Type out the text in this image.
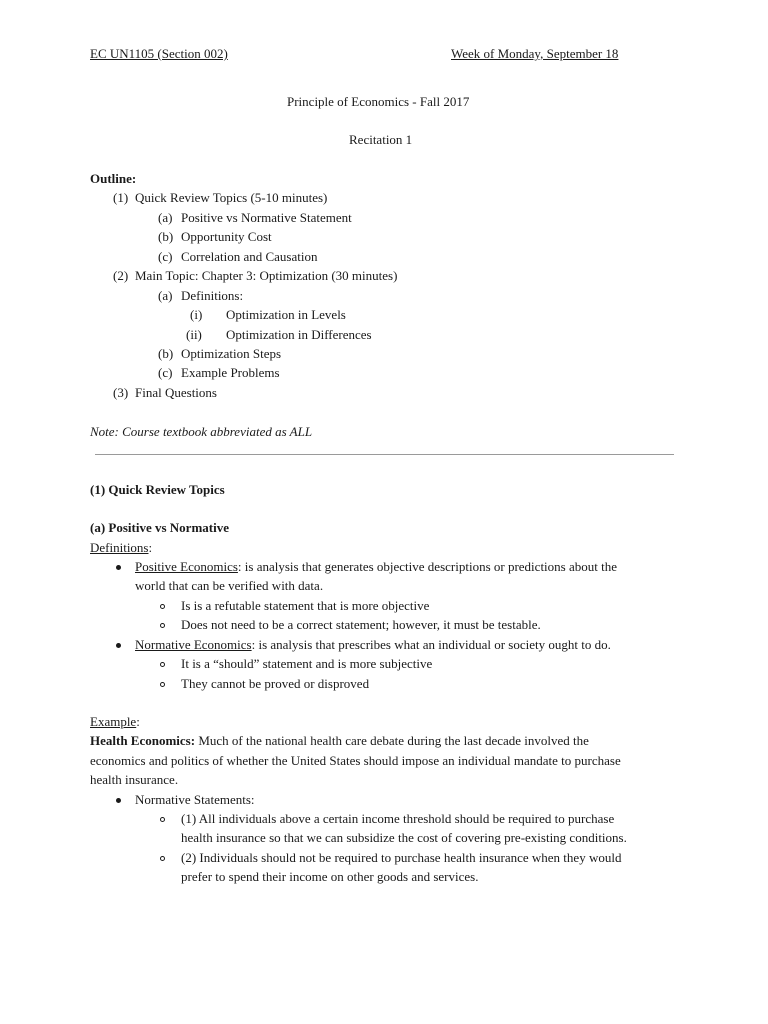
EC UN1105 (Section 002)	Week of Monday, September 18
Principle of Economics - Fall 2017
Recitation 1
Outline:
(1) Quick Review Topics (5-10 minutes)
(a) Positive vs Normative Statement
(b) Opportunity Cost
(c) Correlation and Causation
(2) Main Topic: Chapter 3: Optimization (30 minutes)
(a) Definitions:
(i) Optimization in Levels
(ii) Optimization in Differences
(b) Optimization Steps
(c) Example Problems
(3) Final Questions
Note: Course textbook abbreviated as ALL
(1) Quick Review Topics
(a) Positive vs Normative
Definitions:
Positive Economics: is analysis that generates objective descriptions or predictions about the
world that can be verified with data.
Is is a refutable statement that is more objective
Does not need to be a correct statement; however, it must be testable.
Normative Economics: is analysis that prescribes what an individual or society ought to do.
It is a “should” statement and is more subjective
They cannot be proved or disproved
Example:
Health Economics: Much of the national health care debate during the last decade involved the
economics and politics of whether the United States should impose an individual mandate to purchase
health insurance.
Normative Statements:
(1) All individuals above a certain income threshold should be required to purchase
health insurance so that we can subsidize the cost of covering pre-existing conditions.
(2) Individuals should not be required to purchase health insurance when they would
prefer to spend their income on other goods and services.
